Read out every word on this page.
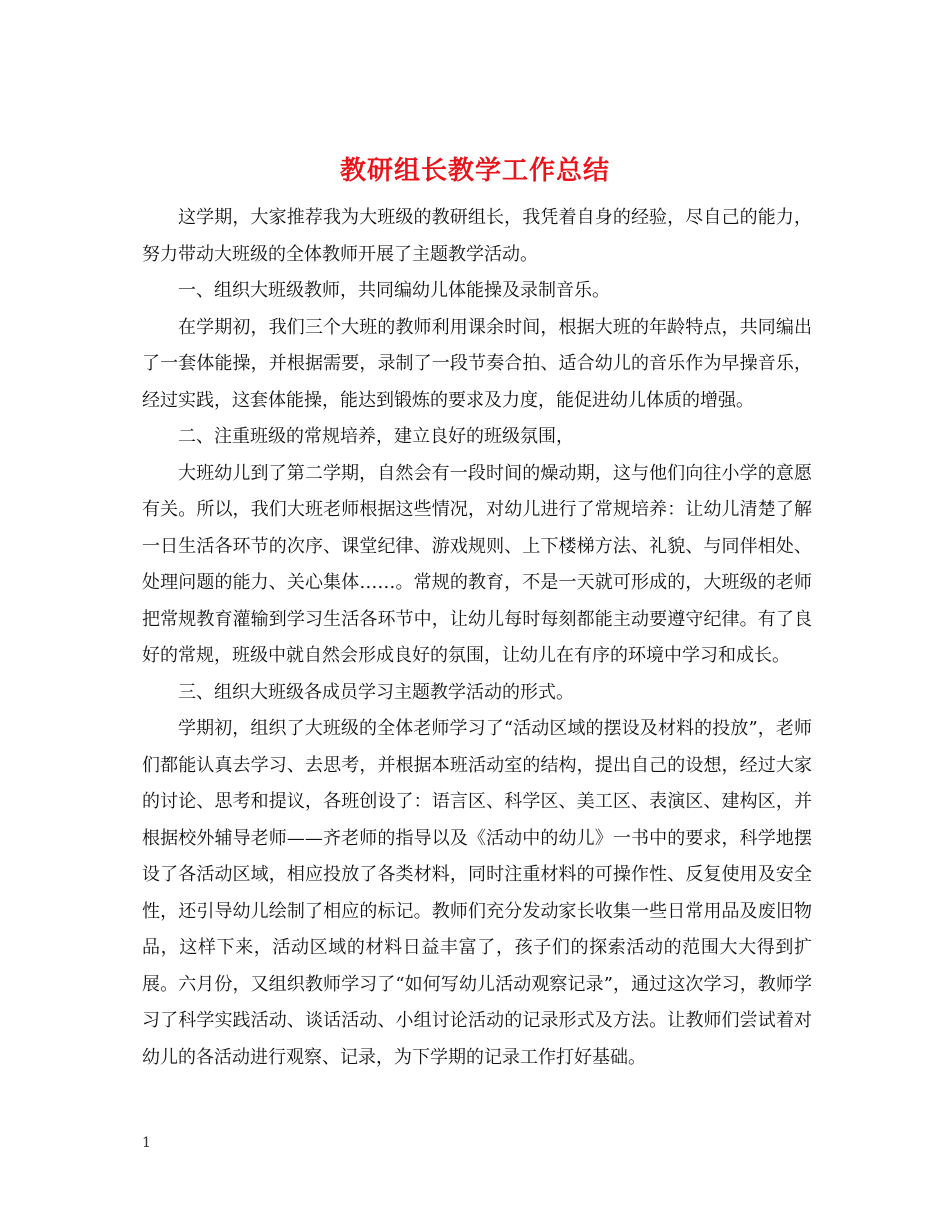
教研组长教学工作总结

这学期，大家推荐我为大班级的教研组长，我凭着自身的经验，尽自己的能力，努力带动大班级的全体教师开展了主题教学活动。

一、组织大班级教师，共同编幼儿体能操及录制音乐。

在学期初，我们三个大班的教师利用课余时间，根据大班的年龄特点，共同编出了一套体能操，并根据需要，录制了一段节奏合拍、适合幼儿的音乐作为早操音乐，经过实践，这套体能操，能达到锻炼的要求及力度，能促进幼儿体质的增强。

二、注重班级的常规培养，建立良好的班级氛围，

大班幼儿到了第二学期，自然会有一段时间的燥动期，这与他们向往小学的意愿有关。所以，我们大班老师根据这些情况，对幼儿进行了常规培养：让幼儿清楚了解一日生活各环节的次序、课堂纪律、游戏规则、上下楼梯方法、礼貌、与同伴相处、处理问题的能力、关心集体……。常规的教育，不是一天就可形成的，大班级的老师把常规教育灌输到学习生活各环节中，让幼儿每时每刻都能主动要遵守纪律。有了良好的常规，班级中就自然会形成良好的氛围，让幼儿在有序的环境中学习和成长。

三、组织大班级各成员学习主题教学活动的形式。

学期初，组织了大班级的全体老师学习了“活动区域的摆设及材料的投放”，老师们都能认真去学习、去思考，并根据本班活动室的结构，提出自己的设想，经过大家的讨论、思考和提议，各班创设了：语言区、科学区、美工区、表演区、建构区，并根据校外辅导老师——齐老师的指导以及《活动中的幼儿》一书中的要求，科学地摆设了各活动区域，相应投放了各类材料，同时注重材料的可操作性、反复使用及安全性，还引导幼儿绘制了相应的标记。教师们充分发动家长收集一些日常用品及废旧物品，这样下来，活动区域的材料日益丰富了，孩子们的探索活动的范围大大得到扩展。六月份，又组织教师学习了“如何写幼儿活动观察记录”，通过这次学习，教师学习了科学实践活动、谈话活动、小组讨论活动的记录形式及方法。让教师们尝试着对幼儿的各活动进行观察、记录，为下学期的记录工作打好基础。

1
